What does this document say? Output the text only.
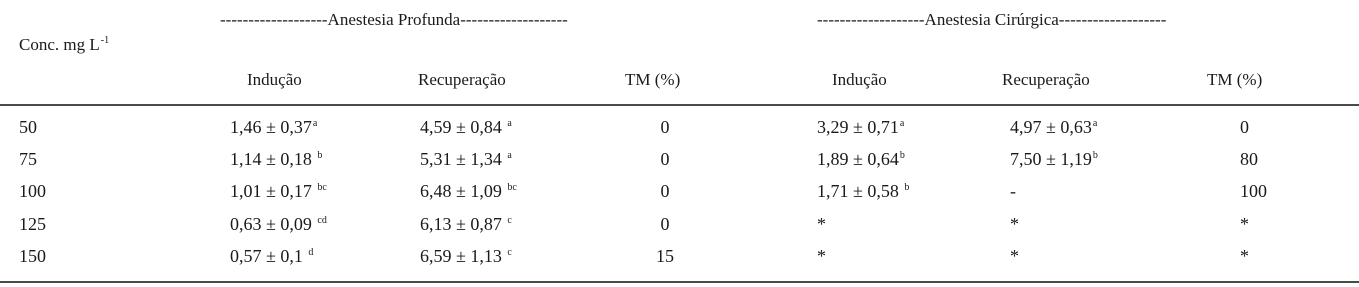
Conc. mg $L^{-1}$
-------------------Anestesia Profunda-------------------	-------------------Anestesia Cirúrgica-------------------
Indução	Recuperação	TM (%)	Indução	Recuperação	TM (%)
50	1,46 ± 0,37$^a$	4,59 ± 0,84 $^a$	0	3,29 ± 0,71$^a$	4,97 ± 0,63$^a$	0
75	1,14 ± 0,18 $^b$	5,31 ± 1,34 $^a$	0	1,89 ± 0,64$^b$	7,50 ± 1,19$^b$	80
100	1,01 ± 0,17 $^{bc}$	6,48 ± 1,09 $^{bc}$	0	1,71 ± 0,58 $^b$	-	100
125	0,63 ± 0,09 $^{cd}$	6,13 ± 0,87 $^c$	0	*	*	*
150	0,57 ± 0,1 $^d$	6,59 ± 1,13 $^c$	15	*	*	*
